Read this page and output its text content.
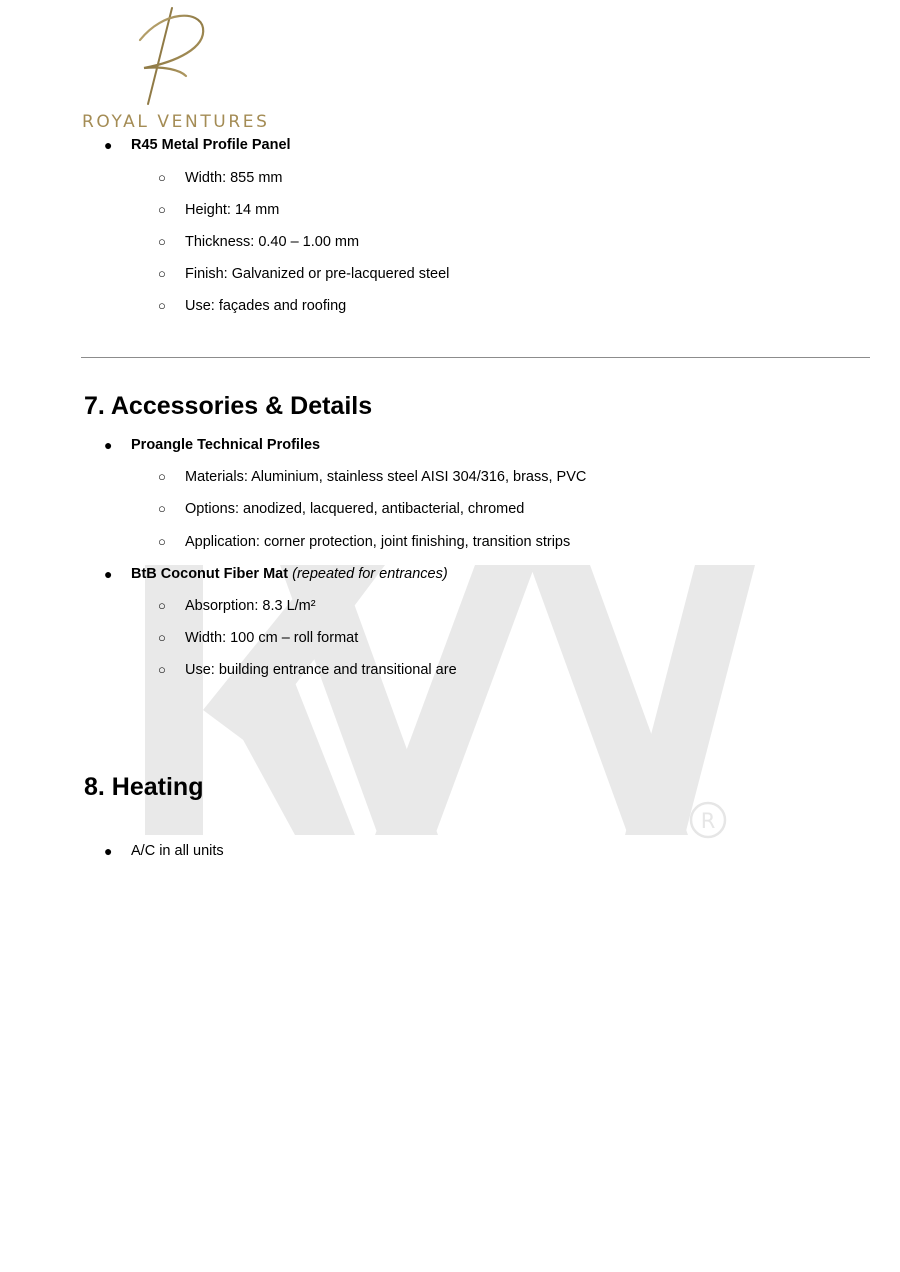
R
ROYAL VENTURES
● R45 Metal Profile Panel
○ Width: 855 mm
○ Height: 14 mm
○ Thickness: 0.40 – 1.00 mm
○ Finish: Galvanized or pre-lacquered steel
○ Use: façades and roofing
7. Accessories & Details
● Proangle Technical Profiles
○ Materials: Aluminium, stainless steel AISI 304/316, brass, PVC
○ Options: anodized, lacquered, antibacterial, chromed
○ Application: corner protection, joint finishing, transition strips
● BtB Coconut Fiber Mat (repeated for entrances)
○ Absorption: 8.3 L/m²
○ Width: 100 cm – roll format
○ Use: building entrance and transitional are
8. Heating
● A/C in all units
